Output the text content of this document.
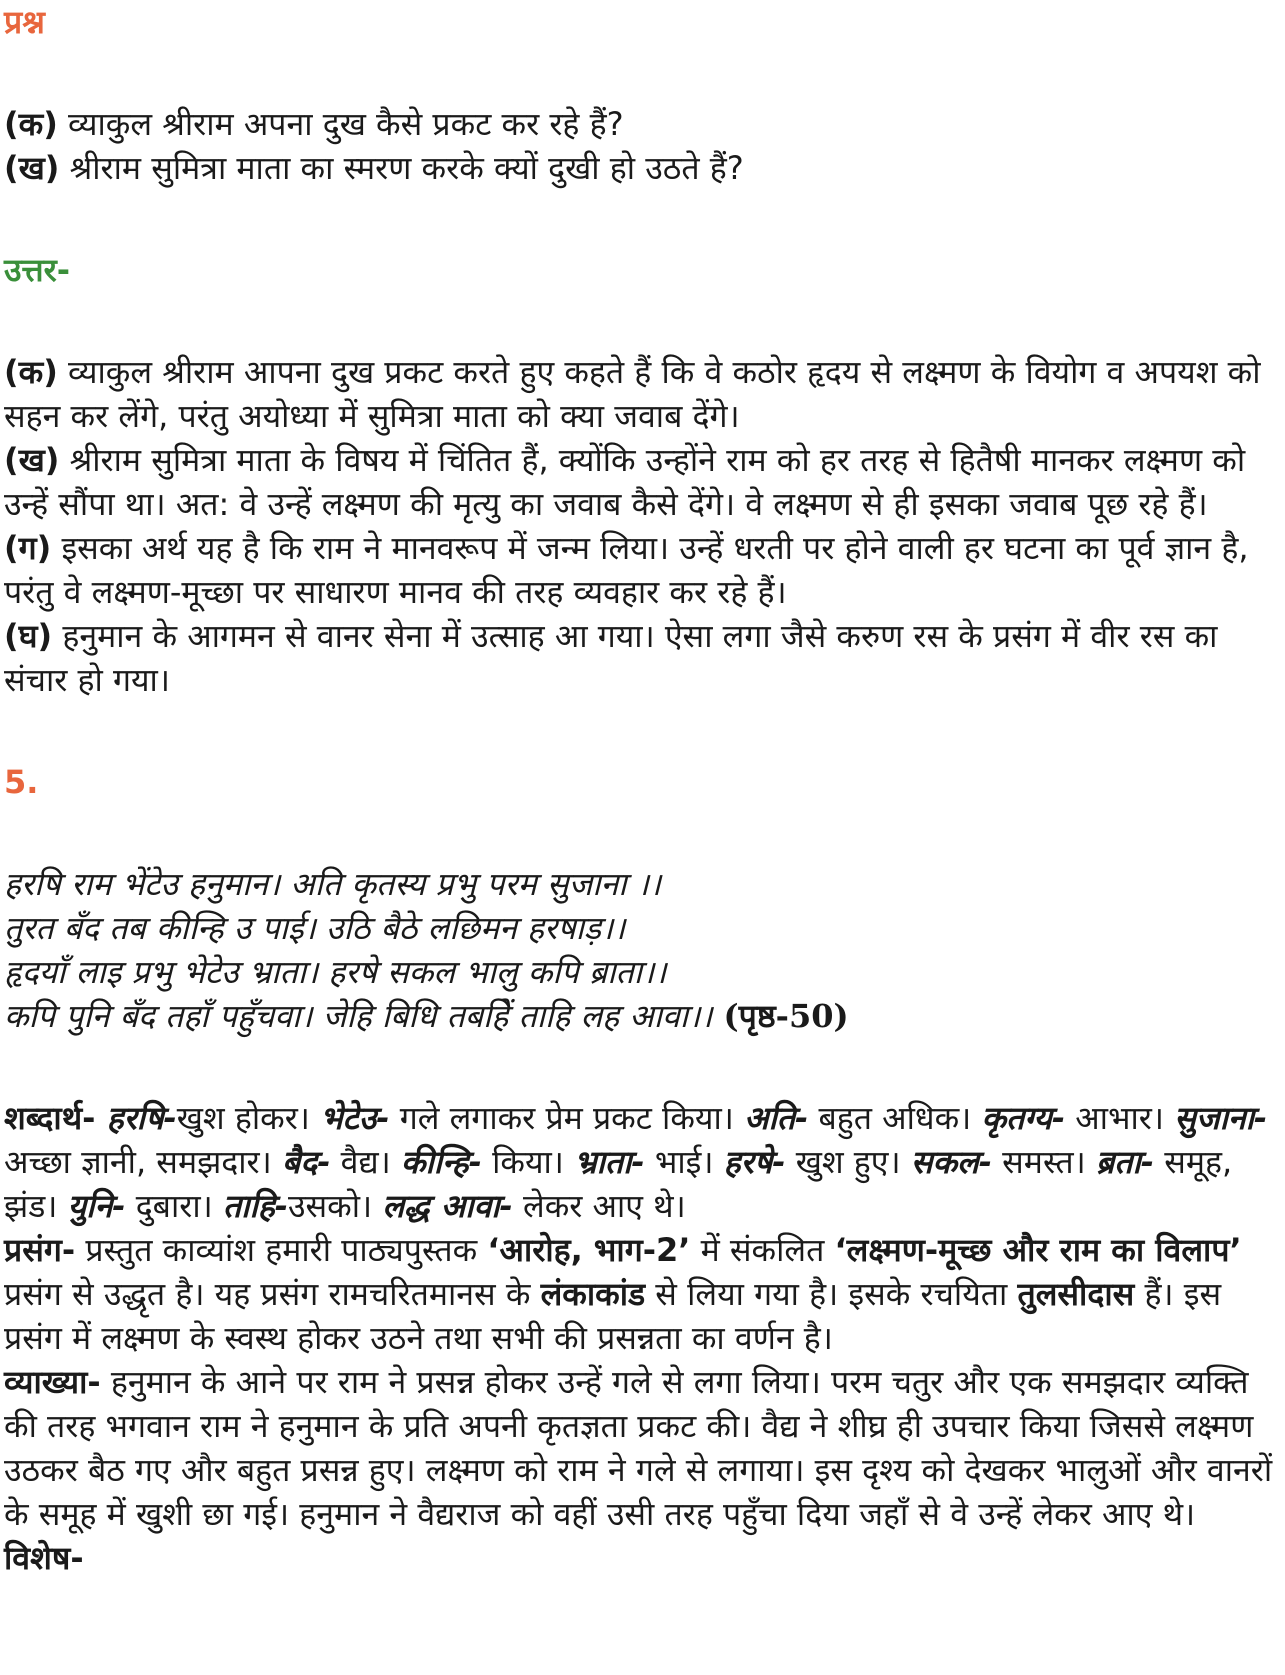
प्रश्न

(क) व्याकुल श्रीराम अपना दुख कैसे प्रकट कर रहे हैं?

(ख) श्रीराम सुमित्रा माता का स्मरण करके क्यों दुखी हो उठते हैं?

उत्तर-

(क) व्याकुल श्रीराम आपना दुख प्रकट करते हुए कहते हैं कि वे कठोर हृदय से लक्ष्मण के वियोग व अपयश को सहन कर लेंगे, परंतु अयोध्या में सुमित्रा माता को क्या जवाब देंगे।

(ख) श्रीराम सुमित्रा माता के विषय में चिंतित हैं, क्योंकि उन्होंने राम को हर तरह से हितैषी मानकर लक्ष्मण को उन्हें सौंपा था। अत: वे उन्हें लक्ष्मण की मृत्यु का जवाब कैसे देंगे। वे लक्ष्मण से ही इसका जवाब पूछ रहे हैं।

(ग) इसका अर्थ यह है कि राम ने मानवरूप में जन्म लिया। उन्हें धरती पर होने वाली हर घटना का पूर्व ज्ञान है, परंतु वे लक्ष्मण-मूच्छा पर साधारण मानव की तरह व्यवहार कर रहे हैं।

(घ) हनुमान के आगमन से वानर सेना में उत्साह आ गया। ऐसा लगा जैसे करुण रस के प्रसंग में वीर रस का संचार हो गया।

5.

हरषि राम भेंटेउ हनुमान। अति कृतस्य प्रभु परम सुजाना ।।

तुरत बँद तब कीन्हि उ पाई। उठि बैठे लछिमन हरषाड़।।

हृदयाँ लाइ प्रभु भेटेउ भ्राता। हरषे सकल भालु कपि ब्राता।।

कपि पुनि बँद तहाँ पहुँचवा। जेहि बिधि तबहेिं ताहि लह आवा।। (पृष्ठ-50)

शब्दार्थ- हरषि-खुश होकर। भेटेउ- गले लगाकर प्रेम प्रकट किया। अति- बहुत अधिक। कृतग्य- आभार। सुजाना- अच्छा ज्ञानी, समझदार। बैद- वैद्य। कीन्हि- किया। भ्राता- भाई। हरषे- खुश हुए। सकल- समस्त। ब्रता- समूह, झंड। युनि- दुबारा। ताहि-उसको। लद्ध आवा- लेकर आए थे।

प्रसंग- प्रस्तुत काव्यांश हमारी पाठ्यपुस्तक ‘आरोह, भाग-2’ में संकलित ‘लक्ष्मण-मूच्छ और राम का विलाप’ प्रसंग से उद्धृत है। यह प्रसंग रामचरितमानस के लंकाकांड से लिया गया है। इसके रचयिता तुलसीदास हैं। इस प्रसंग में लक्ष्मण के स्वस्थ होकर उठने तथा सभी की प्रसन्नता का वर्णन है।

व्याख्या- हनुमान के आने पर राम ने प्रसन्न होकर उन्हें गले से लगा लिया। परम चतुर और एक समझदार व्यक्ति की तरह भगवान राम ने हनुमान के प्रति अपनी कृतज्ञता प्रकट की। वैद्य ने शीघ्र ही उपचार किया जिससे लक्ष्मण उठकर बैठ गए और बहुत प्रसन्न हुए। लक्ष्मण को राम ने गले से लगाया। इस दृश्य को देखकर भालुओं और वानरों के समूह में खुशी छा गई। हनुमान ने वैद्यराज को वहीं उसी तरह पहुँचा दिया जहाँ से वे उन्हें लेकर आए थे।

विशेष-
